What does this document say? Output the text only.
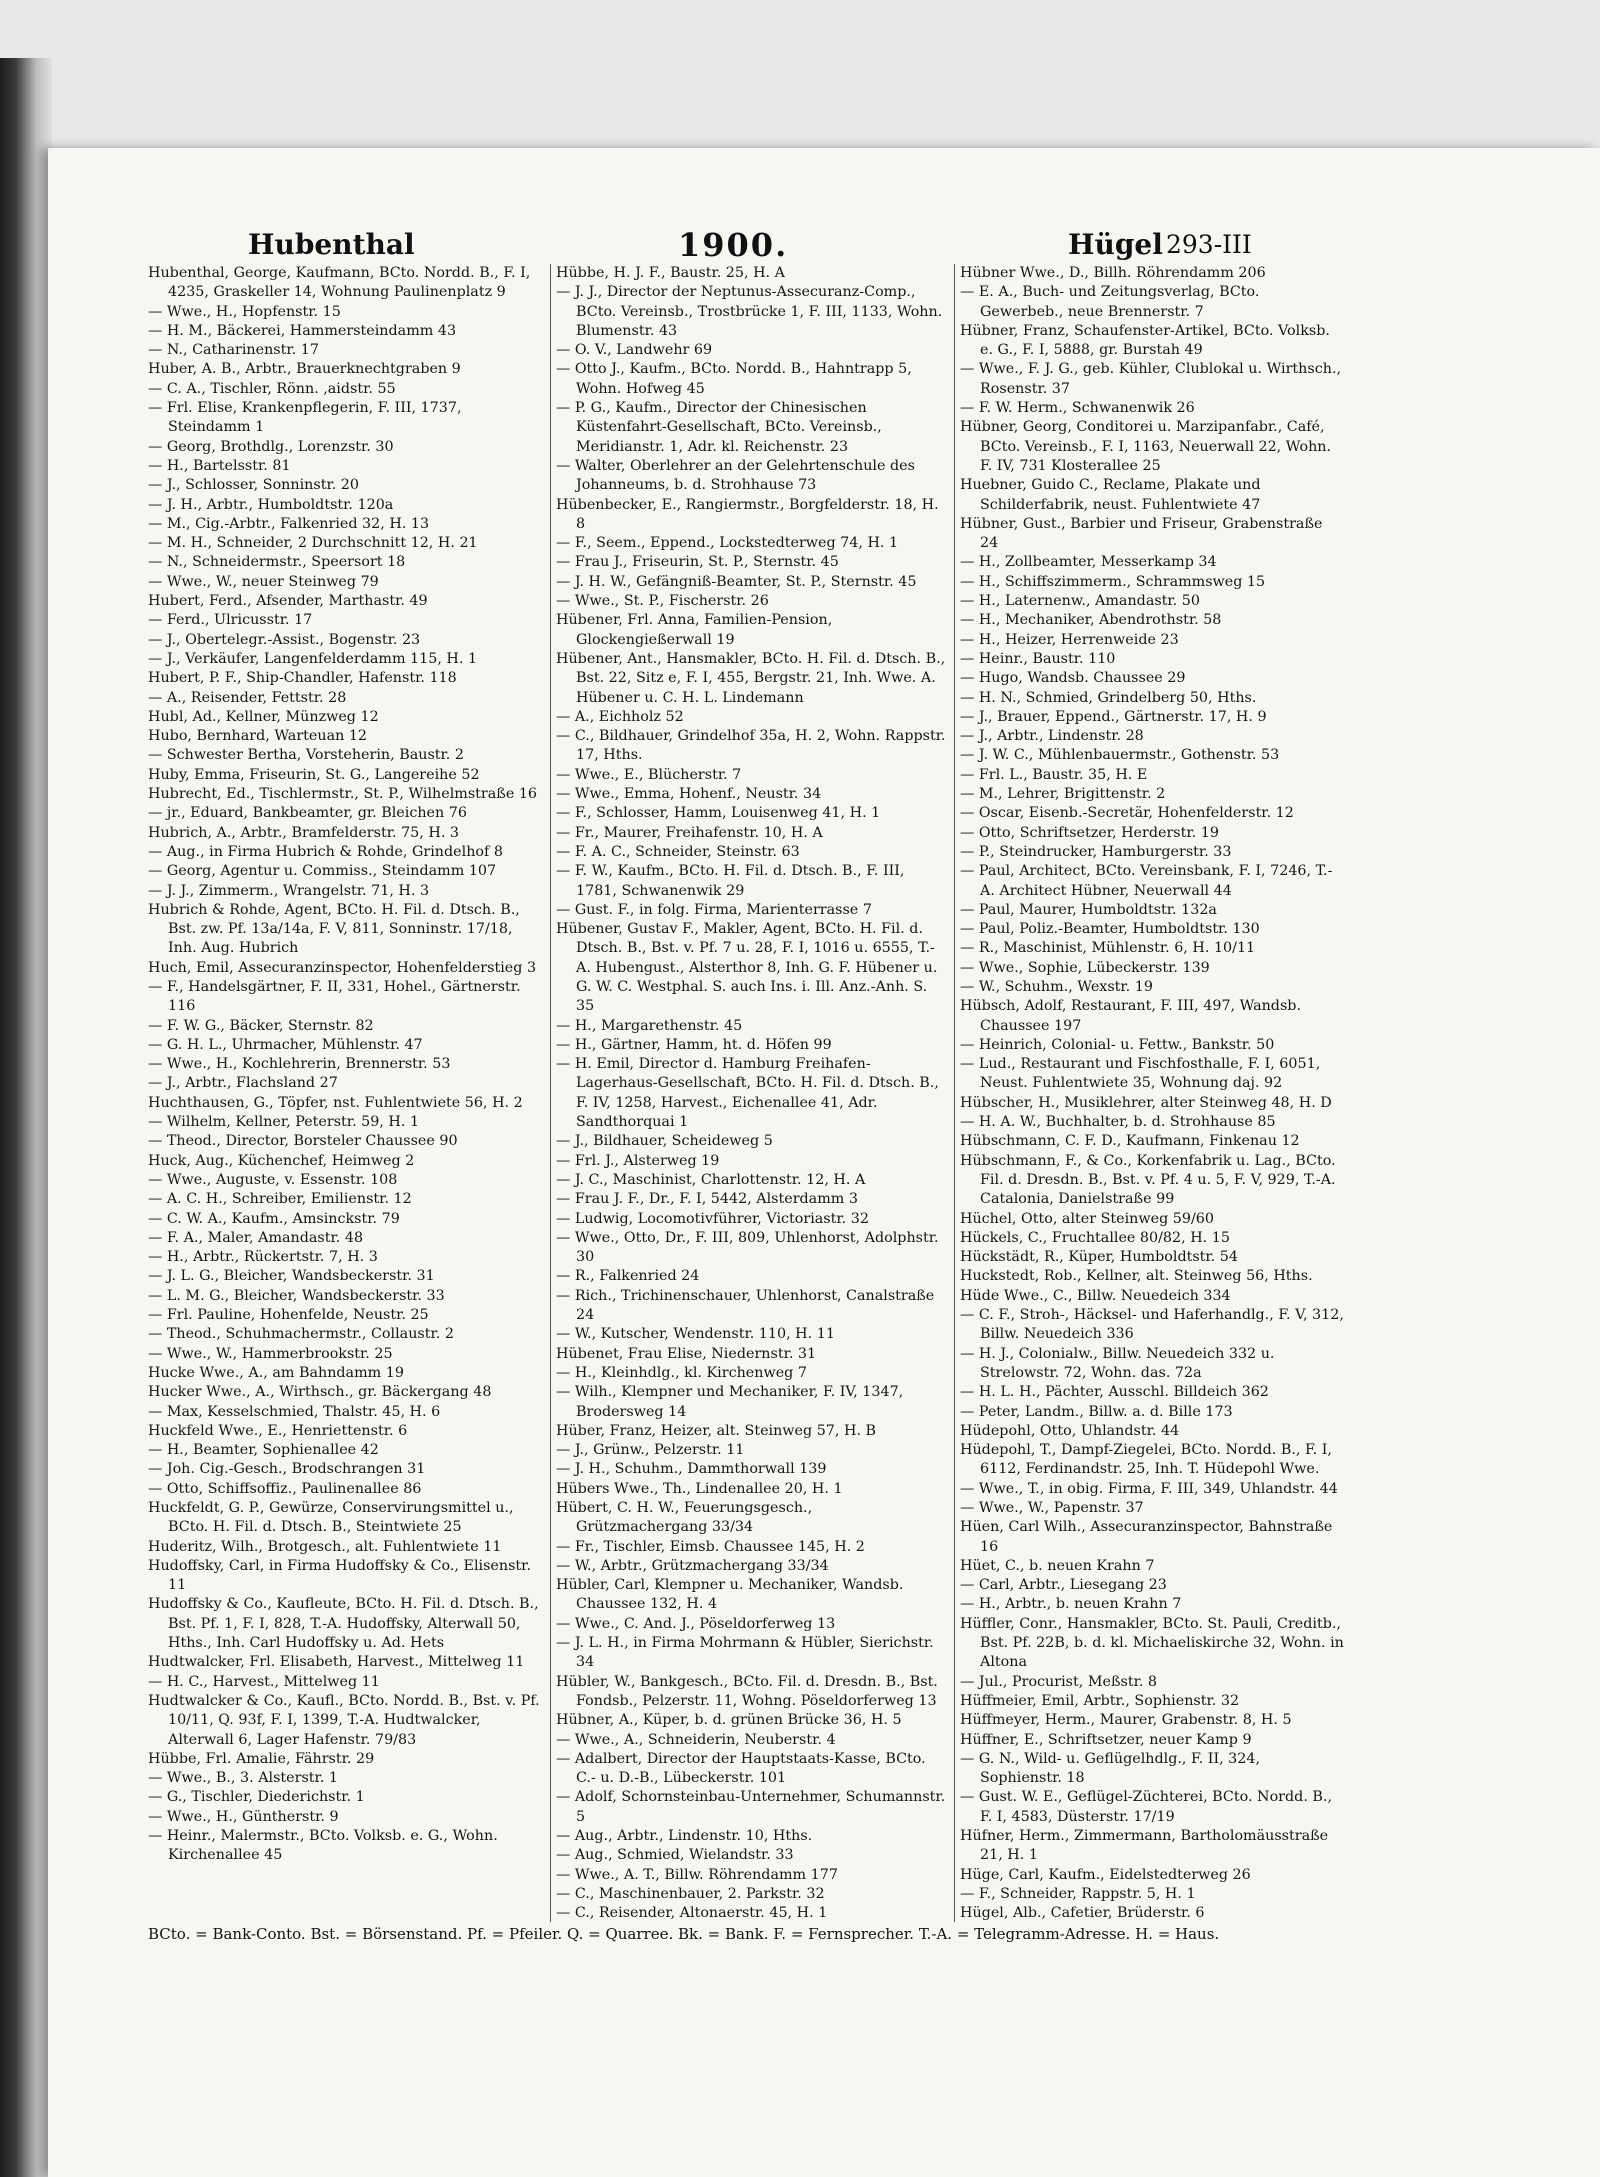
Hubenthal	1900.	Hügel 293-III

Hubenthal, George, Kaufmann, BCto. Nordd. B., F. I, 4235, Graskeller 14, Wohnung Paulinenplatz 9

— Wwe., H., Hopfenstr. 15

— H. M., Bäckerei, Hammersteindamm 43

— N., Catharinenstr. 17

Huber, A. B., Arbtr., Brauerknechtgraben 9

— C. A., Tischler, Rönn. ,aidstr. 55

— Frl. Elise, Krankenpflegerin, F. III, 1737, Steindamm 1

— Georg, Brothdlg., Lorenzstr. 30

— H., Bartelsstr. 81

— J., Schlosser, Sonninstr. 20

— J. H., Arbtr., Humboldtstr. 120a

— M., Cig.-Arbtr., Falkenried 32, H. 13

— M. H., Schneider, 2 Durchschnitt 12, H. 21

— N., Schneidermstr., Speersort 18

— Wwe., W., neuer Steinweg 79

Hubert, Ferd., Afsender, Marthastr. 49

— Ferd., Ulricusstr. 17

— J., Obertelegr.-Assist., Bogenstr. 23

— J., Verkäufer, Langenfelderdamm 115, H. 1

Hubert, P. F., Ship-Chandler, Hafenstr. 118

— A., Reisender, Fettstr. 28

Hubl, Ad., Kellner, Münzweg 12

Hubo, Bernhard, Warteuan 12

— Schwester Bertha, Vorsteherin, Baustr. 2

Huby, Emma, Friseurin, St. G., Langereihe 52

Hubrecht, Ed., Tischlermstr., St. P., Wilhelmstraße 16

— jr., Eduard, Bankbeamter, gr. Bleichen 76

Hubrich, A., Arbtr., Bramfelderstr. 75, H. 3

— Aug., in Firma Hubrich & Rohde, Grindelhof 8

— Georg, Agentur u. Commiss., Steindamm 107

— J. J., Zimmerm., Wrangelstr. 71, H. 3

Hubrich & Rohde, Agent, BCto. H. Fil. d. Dtsch. B., Bst. zw. Pf. 13a/14a, F. V, 811, Sonninstr. 17/18, Inh. Aug. Hubrich

Huch, Emil, Assecuranzinspector, Hohenfelderstieg 3

— F., Handelsgärtner, F. II, 331, Hohel., Gärtnerstr. 116

— F. W. G., Bäcker, Sternstr. 82

— G. H. L., Uhrmacher, Mühlenstr. 47

— Wwe., H., Kochlehrerin, Brennerstr. 53

— J., Arbtr., Flachsland 27

Huchthausen, G., Töpfer, nst. Fuhlentwiete 56, H. 2

— Wilhelm, Kellner, Peterstr. 59, H. 1

— Theod., Director, Borsteler Chaussee 90

Huck, Aug., Küchenchef, Heimweg 2

— Wwe., Auguste, v. Essenstr. 108

— A. C. H., Schreiber, Emilienstr. 12

— C. W. A., Kaufm., Amsinckstr. 79

— F. A., Maler, Amandastr. 48

— H., Arbtr., Rückertstr. 7, H. 3

— J. L. G., Bleicher, Wandsbeckerstr. 31

— L. M. G., Bleicher, Wandsbeckerstr. 33

— Frl. Pauline, Hohenfelde, Neustr. 25

— Theod., Schuhmachermstr., Collaustr. 2

— Wwe., W., Hammerbrookstr. 25

Hucke Wwe., A., am Bahndamm 19

Hucker Wwe., A., Wirthsch., gr. Bäckergang 48

— Max, Kesselschmied, Thalstr. 45, H. 6

Huckfeld Wwe., E., Henriettenstr. 6

— H., Beamter, Sophienallee 42

— Joh. Cig.-Gesch., Brodschrangen 31

— Otto, Schiffsoffiz., Paulinenallee 86

Huckfeldt, G. P., Gewürze, Conservirungsmittel u., BCto. H. Fil. d. Dtsch. B., Steintwiete 25

Huderitz, Wilh., Brotgesch., alt. Fuhlentwiete 11

Hudoffsky, Carl, in Firma Hudoffsky & Co., Elisenstr. 11

Hudoffsky & Co., Kaufleute, BCto. H. Fil. d. Dtsch. B., Bst. Pf. 1, F. I, 828, T.-A. Hudoffsky, Alterwall 50, Hths., Inh. Carl Hudoffsky u. Ad. Hets

Hudtwalcker, Frl. Elisabeth, Harvest., Mittelweg 11

— H. C., Harvest., Mittelweg 11

Hudtwalcker & Co., Kaufl., BCto. Nordd. B., Bst. v. Pf. 10/11, Q. 93f, F. I, 1399, T.-A. Hudtwalcker, Alterwall 6, Lager Hafenstr. 79/83

Hübbe, Frl. Amalie, Fährstr. 29

— Wwe., B., 3. Alsterstr. 1

— G., Tischler, Diederichstr. 1

— Wwe., H., Güntherstr. 9

— Heinr., Malermstr., BCto. Volksb. e. G., Wohn. Kirchenallee 45

Hübbe, H. J. F., Baustr. 25, H. A

— J. J., Director der Neptunus-Assecuranz-Comp., BCto. Vereinsb., Trostbrücke 1, F. III, 1133, Wohn. Blumenstr. 43

— O. V., Landwehr 69

— Otto J., Kaufm., BCto. Nordd. B., Hahntrapp 5, Wohn. Hofweg 45

— P. G., Kaufm., Director der Chinesischen Küstenfahrt-Gesellschaft, BCto. Vereinsb., Meridianstr. 1, Adr. kl. Reichenstr. 23

— Walter, Oberlehrer an der Gelehrtenschule des Johanneums, b. d. Strohhause 73

Hübenbecker, E., Rangiermstr., Borgfelderstr. 18, H. 8

— F., Seem., Eppend., Lockstedterweg 74, H. 1

— Frau J., Friseurin, St. P., Sternstr. 45

— J. H. W., Gefängniß-Beamter, St. P., Sternstr. 45

— Wwe., St. P., Fischerstr. 26

Hübener, Frl. Anna, Familien-Pension, Glockengießerwall 19

Hübener, Ant., Hansmakler, BCto. H. Fil. d. Dtsch. B., Bst. 22, Sitz e, F. I, 455, Bergstr. 21, Inh. Wwe. A. Hübener u. C. H. L. Lindemann

— A., Eichholz 52

— C., Bildhauer, Grindelhof 35a, H. 2, Wohn. Rappstr. 17, Hths.

— Wwe., E., Blücherstr. 7

— Wwe., Emma, Hohenf., Neustr. 34

— F., Schlosser, Hamm, Louisenweg 41, H. 1

— Fr., Maurer, Freihafenstr. 10, H. A

— F. A. C., Schneider, Steinstr. 63

— F. W., Kaufm., BCto. H. Fil. d. Dtsch. B., F. III, 1781, Schwanenwik 29

— Gust. F., in folg. Firma, Marienterrasse 7

Hübener, Gustav F., Makler, Agent, BCto. H. Fil. d. Dtsch. B., Bst. v. Pf. 7 u. 28, F. I, 1016 u. 6555, T.-A. Hubengust., Alsterthor 8, Inh. G. F. Hübener u. G. W. C. Westphal. S. auch Ins. i. Ill. Anz.-Anh. S. 35

— H., Margarethenstr. 45

— H., Gärtner, Hamm, ht. d. Höfen 99

— H. Emil, Director d. Hamburg Freihafen-Lagerhaus-Gesellschaft, BCto. H. Fil. d. Dtsch. B., F. IV, 1258, Harvest., Eichenallee 41, Adr. Sandthorquai 1

— J., Bildhauer, Scheideweg 5

— Frl. J., Alsterweg 19

— J. C., Maschinist, Charlottenstr. 12, H. A

— Frau J. F., Dr., F. I, 5442, Alsterdamm 3

— Ludwig, Locomotivführer, Victoriastr. 32

— Wwe., Otto, Dr., F. III, 809, Uhlenhorst, Adolphstr. 30

— R., Falkenried 24

— Rich., Trichinenschauer, Uhlenhorst, Canalstraße 24

— W., Kutscher, Wendenstr. 110, H. 11

Hübenet, Frau Elise, Niedernstr. 31

— H., Kleinhdlg., kl. Kirchenweg 7

— Wilh., Klempner und Mechaniker, F. IV, 1347, Brodersweg 14

Hüber, Franz, Heizer, alt. Steinweg 57, H. B

— J., Grünw., Pelzerstr. 11

— J. H., Schuhm., Dammthorwall 139

Hübers Wwe., Th., Lindenallee 20, H. 1

Hübert, C. H. W., Feuerungsgesch., Grützmachergang 33/34

— Fr., Tischler, Eimsb. Chaussee 145, H. 2

— W., Arbtr., Grützmachergang 33/34

Hübler, Carl, Klempner u. Mechaniker, Wandsb. Chaussee 132, H. 4

— Wwe., C. And. J., Pöseldorferweg 13

— J. L. H., in Firma Mohrmann & Hübler, Sierichstr. 34

Hübler, W., Bankgesch., BCto. Fil. d. Dresdn. B., Bst. Fondsb., Pelzerstr. 11, Wohng. Pöseldorferweg 13

Hübner, A., Küper, b. d. grünen Brücke 36, H. 5

— Wwe., A., Schneiderin, Neuberstr. 4

— Adalbert, Director der Hauptstaats-Kasse, BCto. C.- u. D.-B., Lübeckerstr. 101

— Adolf, Schornsteinbau-Unternehmer, Schumannstr. 5

— Aug., Arbtr., Lindenstr. 10, Hths.

— Aug., Schmied, Wielandstr. 33

— Wwe., A. T., Billw. Röhrendamm 177

— C., Maschinenbauer, 2. Parkstr. 32

— C., Reisender, Altonaerstr. 45, H. 1

Hübner Wwe., D., Billh. Röhrendamm 206

— E. A., Buch- und Zeitungsverlag, BCto. Gewerbeb., neue Brennerstr. 7

Hübner, Franz, Schaufenster-Artikel, BCto. Volksb. e. G., F. I, 5888, gr. Burstah 49

— Wwe., F. J. G., geb. Kühler, Clublokal u. Wirthsch., Rosenstr. 37

— F. W. Herm., Schwanenwik 26

Hübner, Georg, Conditorei u. Marzipanfabr., Café, BCto. Vereinsb., F. I, 1163, Neuerwall 22, Wohn. F. IV, 731 Klosterallee 25

Huebner, Guido C., Reclame, Plakate und Schilderfabrik, neust. Fuhlentwiete 47

Hübner, Gust., Barbier und Friseur, Grabenstraße 24

— H., Zollbeamter, Messerkamp 34

— H., Schiffszimmerm., Schrammsweg 15

— H., Laternenw., Amandastr. 50

— H., Mechaniker, Abendrothstr. 58

— H., Heizer, Herrenweide 23

— Heinr., Baustr. 110

— Hugo, Wandsb. Chaussee 29

— H. N., Schmied, Grindelberg 50, Hths.

— J., Brauer, Eppend., Gärtnerstr. 17, H. 9

— J., Arbtr., Lindenstr. 28

— J. W. C., Mühlenbauermstr., Gothenstr. 53

— Frl. L., Baustr. 35, H. E

— M., Lehrer, Brigittenstr. 2

— Oscar, Eisenb.-Secretär, Hohenfelderstr. 12

— Otto, Schriftsetzer, Herderstr. 19

— P., Steindrucker, Hamburgerstr. 33

— Paul, Architect, BCto. Vereinsbank, F. I, 7246, T.-A. Architect Hübner, Neuerwall 44

— Paul, Maurer, Humboldtstr. 132a

— Paul, Poliz.-Beamter, Humboldtstr. 130

— R., Maschinist, Mühlenstr. 6, H. 10/11

— Wwe., Sophie, Lübeckerstr. 139

— W., Schuhm., Wexstr. 19

Hübsch, Adolf, Restaurant, F. III, 497, Wandsb. Chaussee 197

— Heinrich, Colonial- u. Fettw., Bankstr. 50

— Lud., Restaurant und Fischfosthalle, F. I, 6051, Neust. Fuhlentwiete 35, Wohnung daj. 92

Hübscher, H., Musiklehrer, alter Steinweg 48, H. D

— H. A. W., Buchhalter, b. d. Strohhause 85

Hübschmann, C. F. D., Kaufmann, Finkenau 12

Hübschmann, F., & Co., Korkenfabrik u. Lag., BCto. Fil. d. Dresdn. B., Bst. v. Pf. 4 u. 5, F. V, 929, T.-A. Catalonia, Danielstraße 99

Hüchel, Otto, alter Steinweg 59/60

Hückels, C., Fruchtallee 80/82, H. 15

Hückstädt, R., Küper, Humboldtstr. 54

Huckstedt, Rob., Kellner, alt. Steinweg 56, Hths.

Hüde Wwe., C., Billw. Neuedeich 334

— C. F., Stroh-, Häcksel- und Haferhandlg., F. V, 312, Billw. Neuedeich 336

— H. J., Colonialw., Billw. Neuedeich 332 u. Strelowstr. 72, Wohn. das. 72a

— H. L. H., Pächter, Ausschl. Billdeich 362

— Peter, Landm., Billw. a. d. Bille 173

Hüdepohl, Otto, Uhlandstr. 44

Hüdepohl, T., Dampf-Ziegelei, BCto. Nordd. B., F. I, 6112, Ferdinandstr. 25, Inh. T. Hüdepohl Wwe.

— Wwe., T., in obig. Firma, F. III, 349, Uhlandstr. 44

— Wwe., W., Papenstr. 37

Hüen, Carl Wilh., Assecuranzinspector, Bahnstraße 16

Hüet, C., b. neuen Krahn 7

— Carl, Arbtr., Liesegang 23

— H., Arbtr., b. neuen Krahn 7

Hüffler, Conr., Hansmakler, BCto. St. Pauli, Creditb., Bst. Pf. 22B, b. d. kl. Michaeliskirche 32, Wohn. in Altona

— Jul., Procurist, Meßstr. 8

Hüffmeier, Emil, Arbtr., Sophienstr. 32

Hüffmeyer, Herm., Maurer, Grabenstr. 8, H. 5

Hüffner, E., Schriftsetzer, neuer Kamp 9

— G. N., Wild- u. Geflügelhdlg., F. II, 324, Sophienstr. 18

— Gust. W. E., Geflügel-Züchterei, BCto. Nordd. B., F. I, 4583, Düsterstr. 17/19

Hüfner, Herm., Zimmermann, Bartholomäusstraße 21, H. 1

Hüge, Carl, Kaufm., Eidelstedterweg 26

— F., Schneider, Rappstr. 5, H. 1

Hügel, Alb., Cafetier, Brüderstr. 6

BCto. = Bank-Conto. Bst. = Börsenstand. Pf. = Pfeiler. Q. = Quarree. Bk. = Bank. F. = Fernsprecher. T.-A. = Telegramm-Adresse. H. = Haus.
